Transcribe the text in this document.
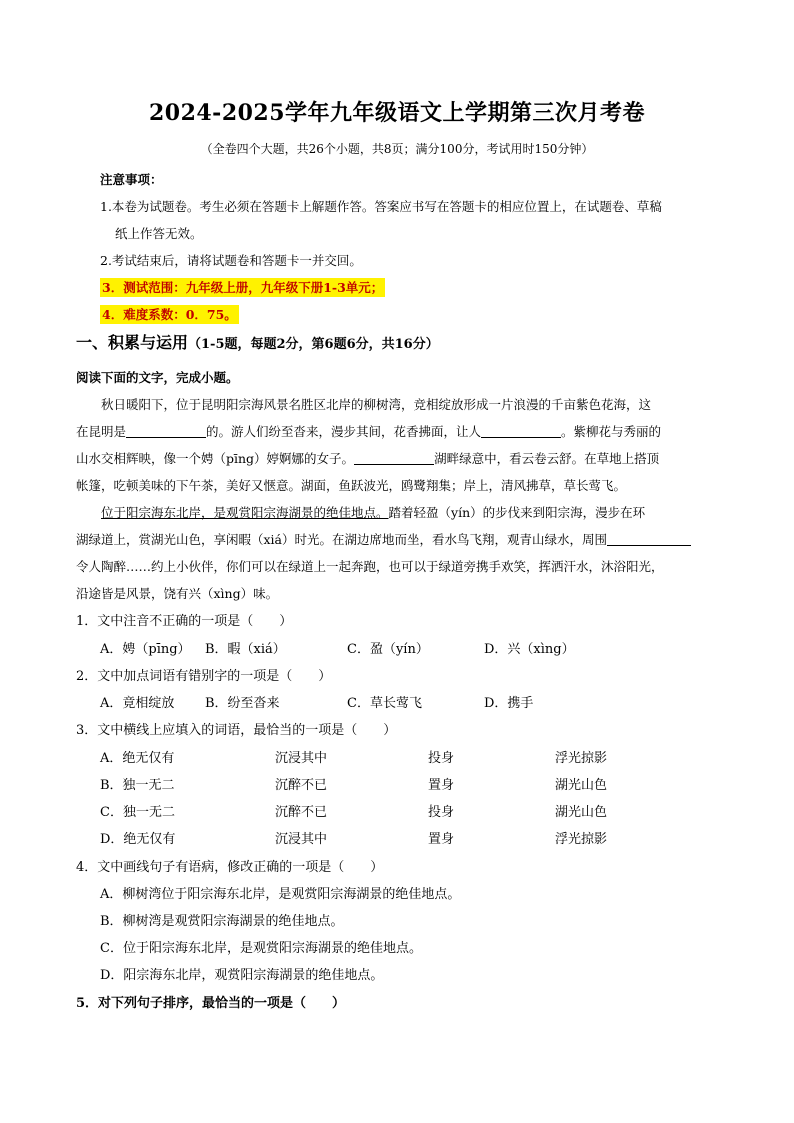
2024-2025学年九年级语文上学期第三次月考卷
（全卷四个大题，共26个小题，共8页；满分100分，考试用时150分钟）
注意事项：
1.本卷为试题卷。考生必须在答题卡上解题作答。答案应书写在答题卡的相应位置上，在试题卷、草稿
纸上作答无效。
2.考试结束后，请将试题卷和答题卡一并交回。
3．测试范围：九年级上册，九年级下册1-3单元；
4．难度系数：0．75。
一、积累与运用（1-5题，每题2分，第6题6分，共16分）
阅读下面的文字，完成小题。
秋日暖阳下，位于昆明阳宗海风景名胜区北岸的柳树湾，竞相绽放形成一片浪漫的千亩紫色花海，这
在昆明是	的。游人们纷至沓来，漫步其间，花香拂面，让人	。紫柳花与秀丽的
山水交相辉映，像一个娉（pīng）婷婀娜的女子。	湖畔绿意中，看云卷云舒。在草地上搭顶
帐篷，吃顿美味的下午茶，美好又惬意。湖面，鱼跃波光，鸥鹭翔集；岸上，清风拂草，草长莺飞。
位于阳宗海东北岸，是观赏阳宗海湖景的绝佳地点。踏着轻盈（yín）的步伐来到阳宗海，漫步在环
湖绿道上，赏湖光山色，享闲暇（xiá）时光。在湖边席地而坐，看水鸟飞翔，观青山绿水，周围
令人陶醉……约上小伙伴，你们可以在绿道上一起奔跑，也可以于绿道旁携手欢笑，挥洒汗水，沐浴阳光，
沿途皆是风景，饶有兴（xìng）味。
1．文中注音不正确的一项是（　　）
A．娉（pīng） B．暇（xiá）	C．盈（yín）	D．兴（xìng）
2．文中加点词语有错别字的一项是（　　）
A．竟相绽放 B．纷至沓来	C．草长莺飞	D．携手
3．文中横线上应填入的词语，最恰当的一项是（　　）
A．绝无仅有	沉浸其中	投身	浮光掠影
B．独一无二	沉醉不已	置身	湖光山色
C．独一无二	沉醉不已	投身	湖光山色
D．绝无仅有	沉浸其中	置身	浮光掠影
4．文中画线句子有语病，修改正确的一项是（　　）
A．柳树湾位于阳宗海东北岸，是观赏阳宗海湖景的绝佳地点。
B．柳树湾是观赏阳宗海湖景的绝佳地点。
C．位于阳宗海东北岸，是观赏阳宗海湖景的绝佳地点。
D．阳宗海东北岸，观赏阳宗海湖景的绝佳地点。
5．对下列句子排序，最恰当的一项是（　　）
